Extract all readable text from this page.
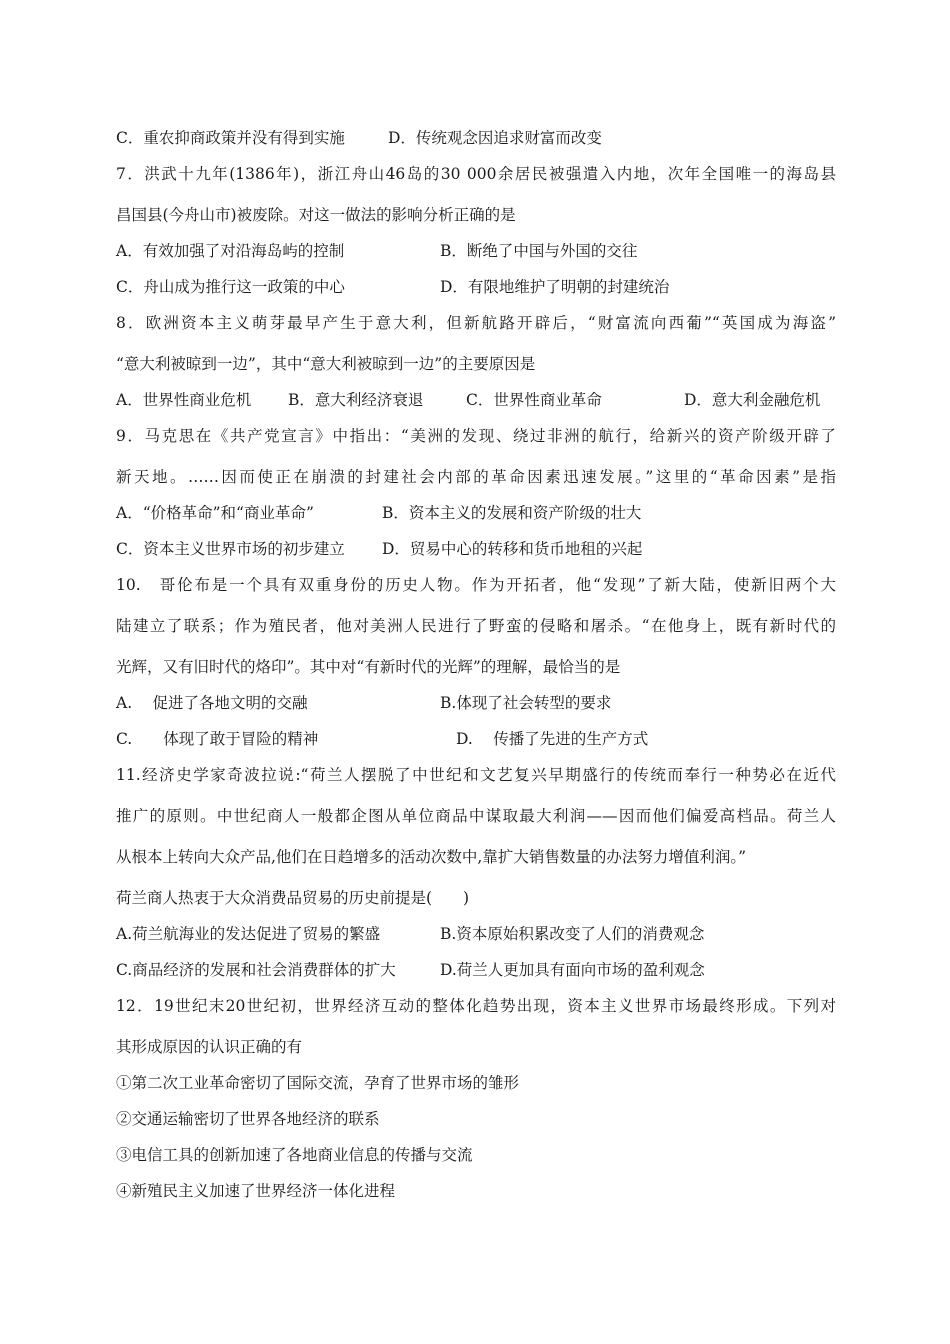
C．重农抑商政策并没有得到实施	D．传统观念因追求财富而改变
7．洪武十九年(1386年)，浙江舟山46岛的30 000余居民被强遣入内地，次年全国唯一的海岛县
昌国县(今舟山市)被废除。对这一做法的影响分析正确的是
A．有效加强了对沿海岛屿的控制	B．断绝了中国与外国的交往
C．舟山成为推行这一政策的中心	D．有限地维护了明朝的封建统治
8．欧洲资本主义萌芽最早产生于意大利，但新航路开辟后，“财富流向西葡”“英国成为海盗”
“意大利被晾到一边”，其中“意大利被晾到一边”的主要原因是
A．世界性商业危机 B．意大利经济衰退	C．世界性商业革命	D．意大利金融危机
9．马克思在《共产党宣言》中指出：“美洲的发现、绕过非洲的航行，给新兴的资产阶级开辟了
新天地。……因而使正在崩溃的封建社会内部的革命因素迅速发展。”这里的“革命因素”是指
A．“价格革命”和“商业革命”	B．资本主义的发展和资产阶级的壮大
C．资本主义世界市场的初步建立 D．贸易中心的转移和货币地租的兴起
10.　哥伦布是一个具有双重身份的历史人物。作为开拓者，他“发现”了新大陆，使新旧两个大
陆建立了联系；作为殖民者，他对美洲人民进行了野蛮的侵略和屠杀。“在他身上，既有新时代的
光辉，又有旧时代的烙印”。其中对“有新时代的光辉”的理解，最恰当的是
A.　 促进了各地文明的交融	B.体现了社会转型的要求
C.　　体现了敢于冒险的精神	D.　 传播了先进的生产方式
11.经济史学家奇波拉说:“荷兰人摆脱了中世纪和文艺复兴早期盛行的传统而奉行一种势必在近代
推广的原则。中世纪商人一般都企图从单位商品中谋取最大利润——因而他们偏爱高档品。荷兰人
从根本上转向大众产品,他们在日趋增多的活动次数中,靠扩大销售数量的办法努力增值利润。”
荷兰商人热衷于大众消费品贸易的历史前提是(　　)
A.荷兰航海业的发达促进了贸易的繁盛	B.资本原始积累改变了人们的消费观念
C.商品经济的发展和社会消费群体的扩大	D.荷兰人更加具有面向市场的盈利观念
12．19世纪末20世纪初，世界经济互动的整体化趋势出现，资本主义世界市场最终形成。下列对
其形成原因的认识正确的有
①第二次工业革命密切了国际交流，孕育了世界市场的雏形
②交通运输密切了世界各地经济的联系
③电信工具的创新加速了各地商业信息的传播与交流
④新殖民主义加速了世界经济一体化进程
